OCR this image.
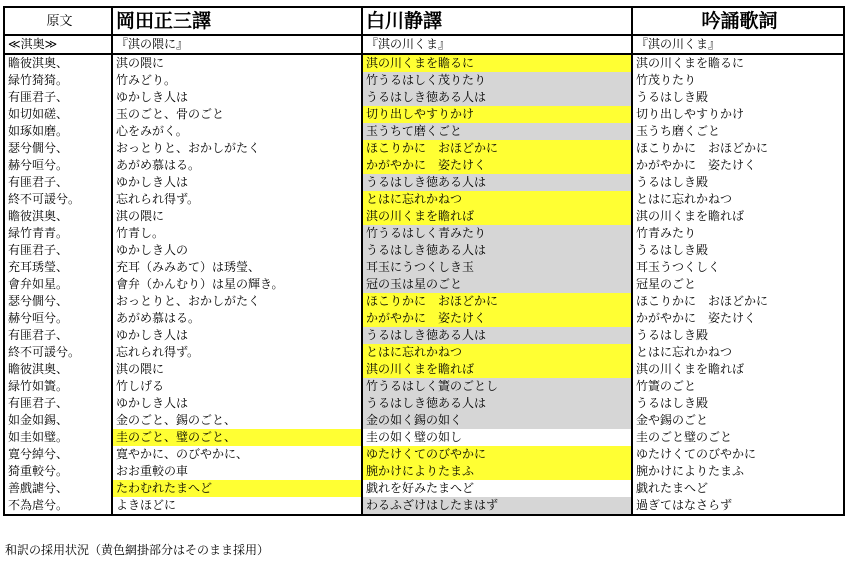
原文	岡田正三譯	白川静譯	吟誦歌詞
≪淇奥≫	『淇の隈に』	『淇の川くま』	『淇の川くま』
瞻彼淇奥、	淇の隈に	淇の川くまを瞻るに	淇の川くまを瞻るに
緑竹猗猗。	竹みどり。	竹うるはしく茂りたり	竹茂りたり
有匪君子、	ゆかしき人は	うるはしき徳ある人は	うるはしき殿
如切如磋、	玉のごと、骨のごと	切り出しやすりかけ	切り出しやすりかけ
如琢如磨。	心をみがく。	玉うちて磨くごと	玉うち磨くごと
瑟兮僩兮、	おっとりと、おかしがたく	ほこりかに　おほどかに	ほこりかに　おほどかに
赫兮咺兮。	あがめ慕はる。	かがやかに　姿たけく	かがやかに　姿たけく
有匪君子、	ゆかしき人は	うるはしき徳ある人は	うるはしき殿
終不可諼兮。	忘れられ得ず。	とはに忘れかねつ	とはに忘れかねつ
瞻彼淇奥、	淇の隈に	淇の川くまを瞻れば	淇の川くまを瞻れば
緑竹青青。	竹青し。	竹うるはしく青みたり	竹青みたり
有匪君子、	ゆかしき人の	うるはしき徳ある人は	うるはしき殿
充耳琇瑩、	充耳（みみあて）は琇瑩、	耳玉にうつくしき玉	耳玉うつくしく
會弁如星。	會弁（かんむり）は星の輝き。	冠の玉は星のごと	冠星のごと
瑟兮僩兮、	おっとりと、おかしがたく	ほこりかに　おほどかに	ほこりかに　おほどかに
赫兮咺兮。	あがめ慕はる。	かがやかに　姿たけく	かがやかに　姿たけく
有匪君子、	ゆかしき人は	うるはしき徳ある人は	うるはしき殿
終不可諼兮。	忘れられ得ず。	とはに忘れかねつ	とはに忘れかねつ
瞻彼淇奥、	淇の隈に	淇の川くまを瞻れば	淇の川くまを瞻れば
緑竹如簀。	竹しげる	竹うるはしく簀のごとし	竹簀のごと
有匪君子、	ゆかしき人は	うるはしき徳ある人は	うるはしき殿
如金如錫、	金のごと、錫のごと、	金の如く錫の如く	金や錫のごと
如圭如璧。	圭のごと、璧のごと、	圭の如く璧の如し	圭のごと璧のごと
寛兮綽兮、	寛やかに、のびやかに、	ゆたけくてのびやかに	ゆたけくてのびやかに
猗重較兮。	おお重較の車	腕かけによりたまふ	腕かけによりたまふ
善戲謔兮、	たわむれたまへど	戯れを好みたまへど	戯れたまへど
不為虐兮。	よきほどに	わるふざけはしたまはず	過ぎてはなさらず
和訳の採用状況（黄色網掛部分はそのまま採用）
